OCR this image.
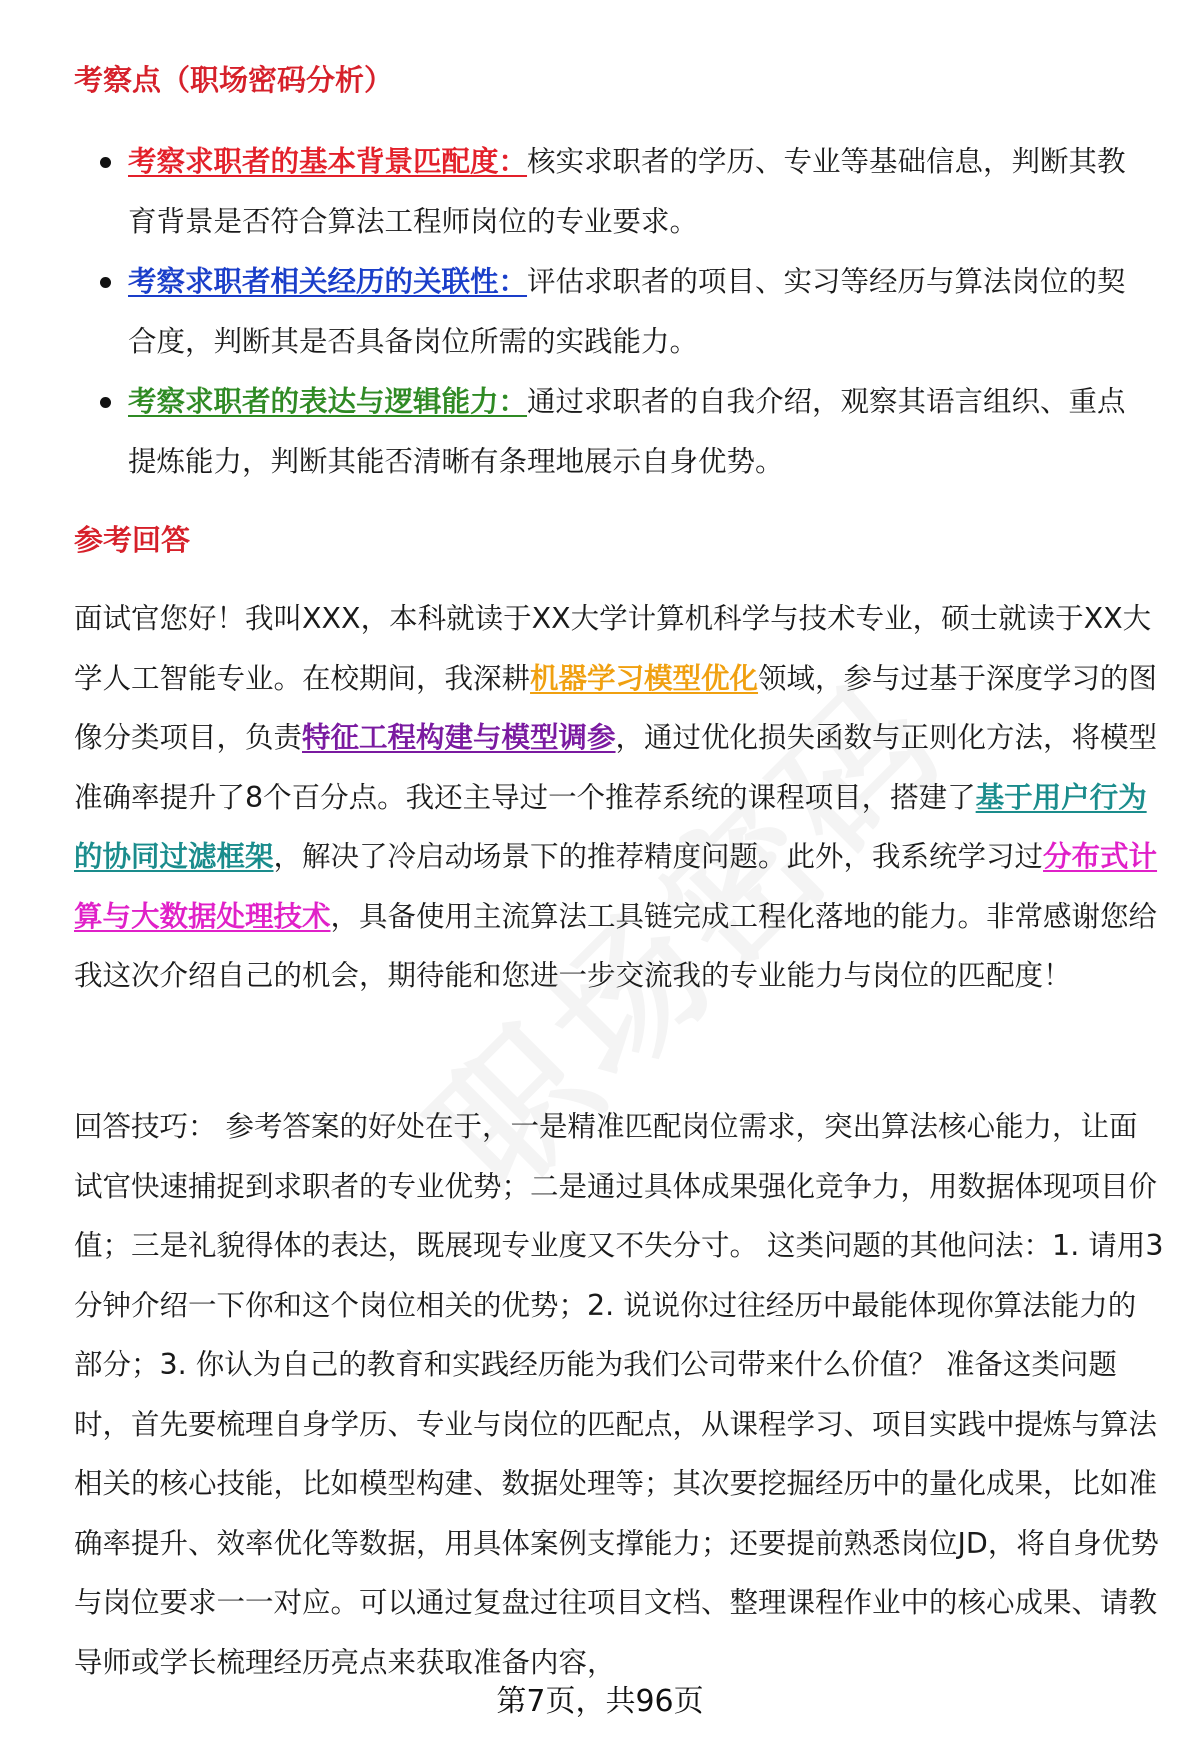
考察点（职场密码分析）
考察求职者的基本背景匹配度：核实求职者的学历、专业等基础信息，判断其教育背景是否符合算法工程师岗位的专业要求。
考察求职者相关经历的关联性：评估求职者的项目、实习等经历与算法岗位的契合度，判断其是否具备岗位所需的实践能力。
考察求职者的表达与逻辑能力：通过求职者的自我介绍，观察其语言组织、重点提炼能力，判断其能否清晰有条理地展示自身优势。
参考回答

面试官您好！我叫XXX，本科就读于XX大学计算机科学与技术专业，硕士就读于XX大学人工智能专业。在校期间，我深耕机器学习模型优化领域，参与过基于深度学习的图像分类项目，负责特征工程构建与模型调参，通过优化损失函数与正则化方法，将模型准确率提升了8个百分点。我还主导过一个推荐系统的课程项目，搭建了基于用户行为的协同过滤框架，解决了冷启动场景下的推荐精度问题。此外，我系统学习过分布式计算与大数据处理技术，具备使用主流算法工具链完成工程化落地的能力。非常感谢您给我这次介绍自己的机会，期待能和您进一步交流我的专业能力与岗位的匹配度！

回答技巧： 参考答案的好处在于，一是精准匹配岗位需求，突出算法核心能力，让面试官快速捕捉到求职者的专业优势；二是通过具体成果强化竞争力，用数据体现项目价值；三是礼貌得体的表达，既展现专业度又不失分寸。 这类问题的其他问法：1. 请用3分钟介绍一下你和这个岗位相关的优势；2. 说说你过往经历中最能体现你算法能力的部分；3. 你认为自己的教育和实践经历能为我们公司带来什么价值？ 准备这类问题时，首先要梳理自身学历、专业与岗位的匹配点，从课程学习、项目实践中提炼与算法相关的核心技能，比如模型构建、数据处理等；其次要挖掘经历中的量化成果，比如准确率提升、效率优化等数据，用具体案例支撑能力；还要提前熟悉岗位JD，将自身优势与岗位要求一一对应。可以通过复盘过往项目文档、整理课程作业中的核心成果、请教导师或学长梳理经历亮点来获取准备内容，

第7页，共96页
